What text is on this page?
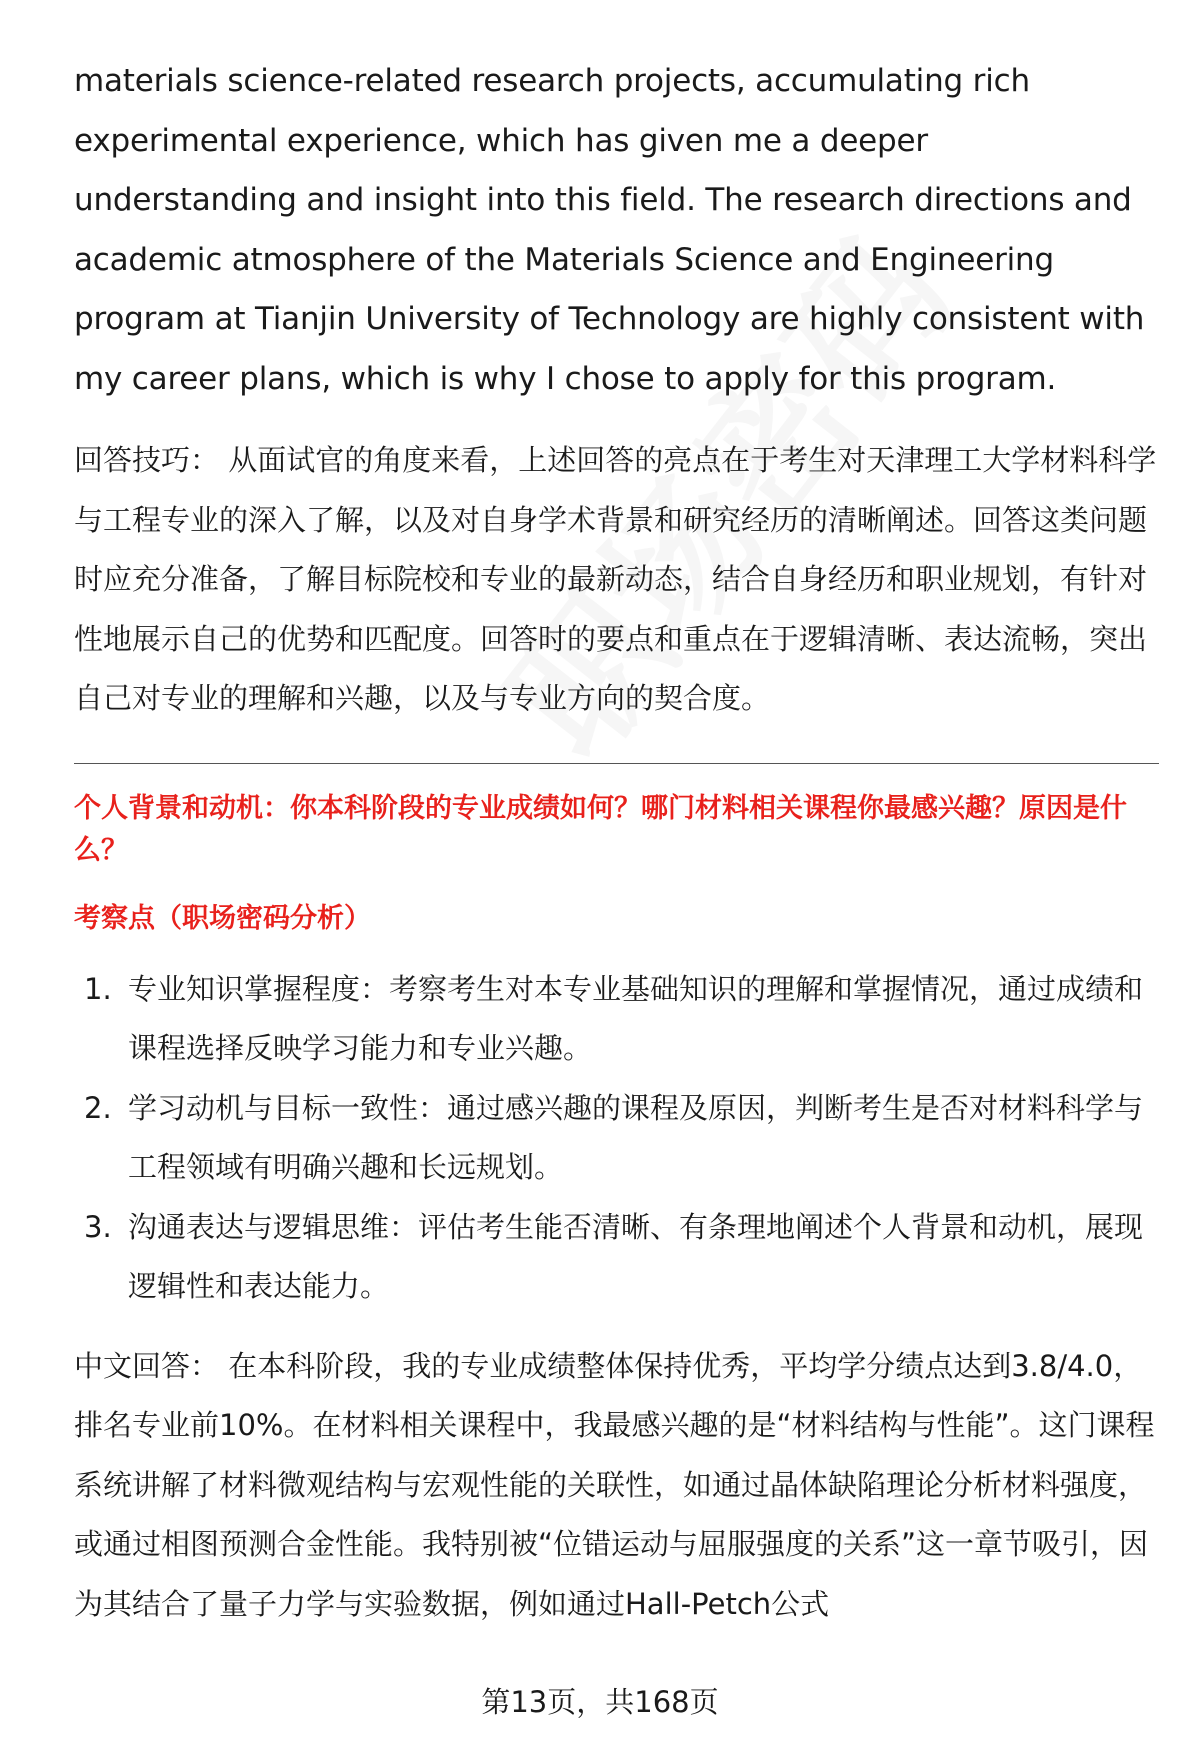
materials science-related research projects, accumulating rich experimental experience, which has given me a deeper understanding and insight into this field. The research directions and academic atmosphere of the Materials Science and Engineering program at Tianjin University of Technology are highly consistent with my career plans, which is why I chose to apply for this program.

回答技巧： 从面试官的角度来看，上述回答的亮点在于考生对天津理工大学材料科学与工程专业的深入了解，以及对自身学术背景和研究经历的清晰阐述。回答这类问题时应充分准备，了解目标院校和专业的最新动态，结合自身经历和职业规划，有针对性地展示自己的优势和匹配度。回答时的要点和重点在于逻辑清晰、表达流畅，突出自己对专业的理解和兴趣，以及与专业方向的契合度。

个人背景和动机：你本科阶段的专业成绩如何？哪门材料相关课程你最感兴趣？原因是什么？

考察点（职场密码分析）

1. 专业知识掌握程度：考察考生对本专业基础知识的理解和掌握情况，通过成绩和课程选择反映学习能力和专业兴趣。
2. 学习动机与目标一致性：通过感兴趣的课程及原因，判断考生是否对材料科学与工程领域有明确兴趣和长远规划。
3. 沟通表达与逻辑思维：评估考生能否清晰、有条理地阐述个人背景和动机，展现逻辑性和表达能力。

中文回答： 在本科阶段，我的专业成绩整体保持优秀，平均学分绩点达到3.8/4.0，排名专业前10%。在材料相关课程中，我最感兴趣的是“材料结构与性能”。这门课程系统讲解了材料微观结构与宏观性能的关联性，如通过晶体缺陷理论分析材料强度，或通过相图预测合金性能。我特别被“位错运动与屈服强度的关系”这一章节吸引，因为其结合了量子力学与实验数据，例如通过Hall-Petch公式

第13页，共168页
